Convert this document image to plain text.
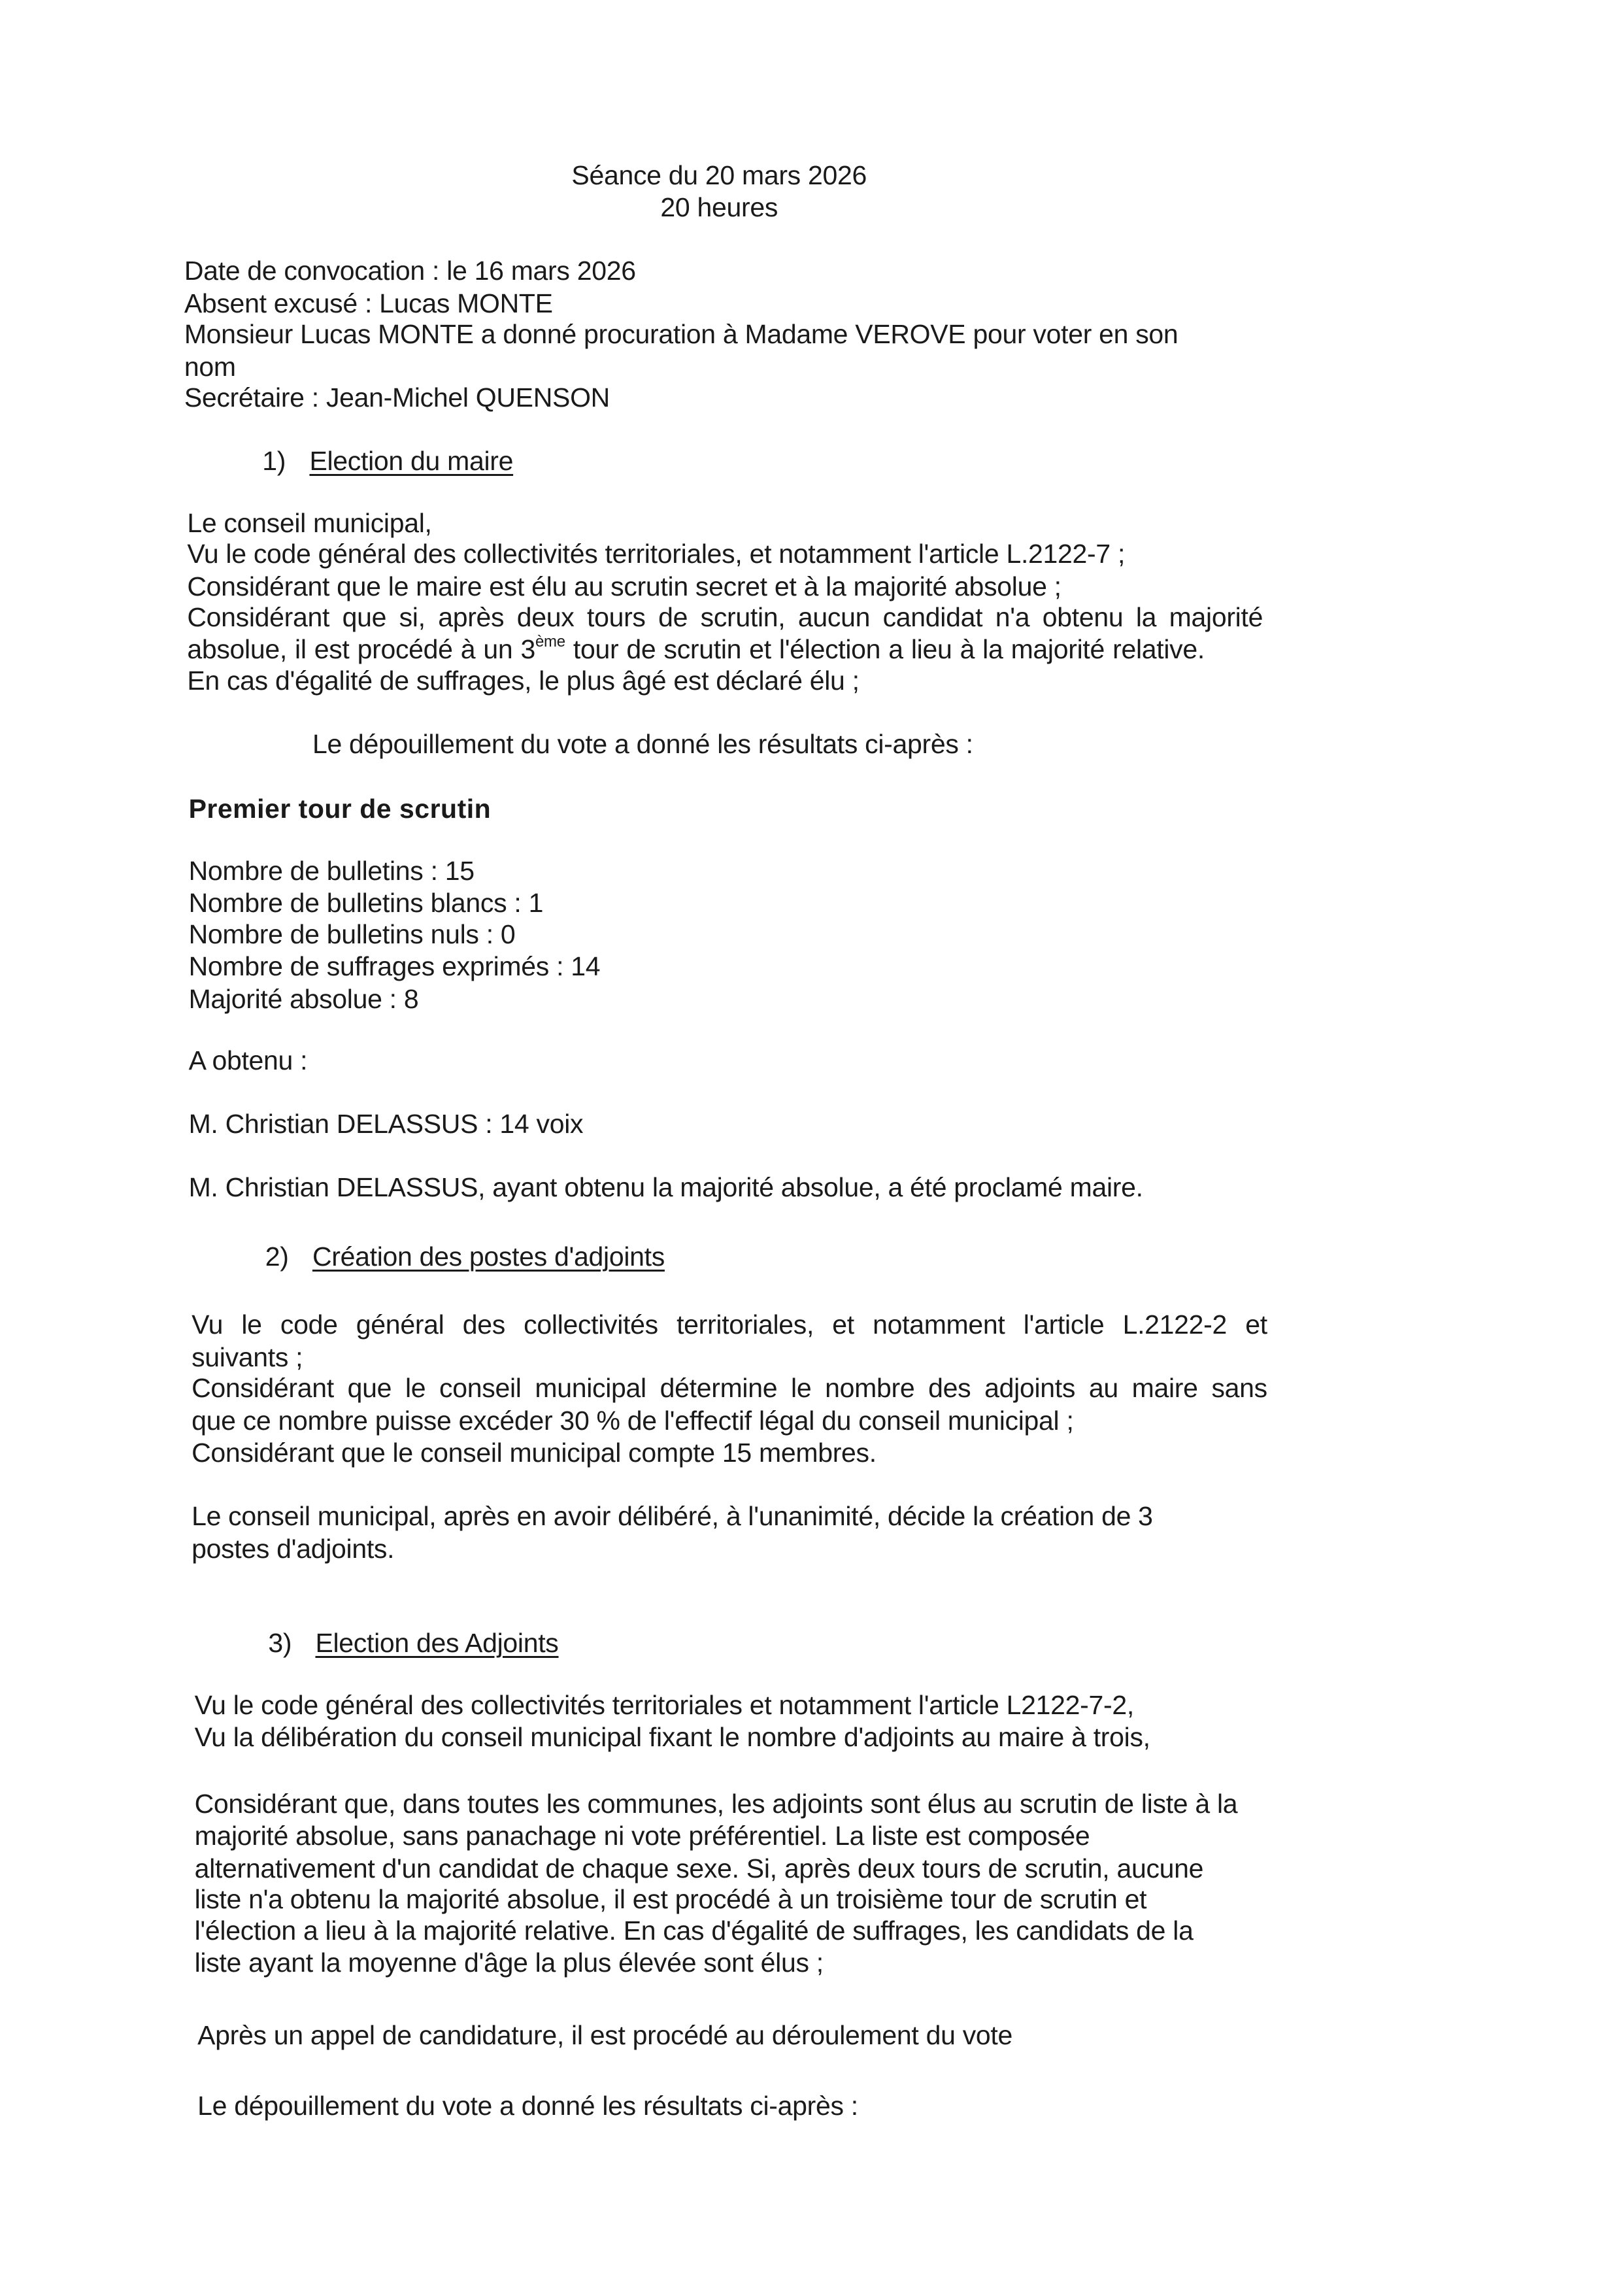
Séance du 20 mars 2026
20 heures
Date de convocation : le 16 mars 2026
Absent excusé : Lucas MONTE
Monsieur Lucas MONTE a donné procuration à Madame VEROVE pour voter en son
nom
Secrétaire : Jean-Michel QUENSON
1) Election du maire
Le conseil municipal,
Vu le code général des collectivités territoriales, et notamment l'article L.2122-7 ;
Considérant que le maire est élu au scrutin secret et à la majorité absolue ;
Considérant que si, après deux tours de scrutin, aucun candidat n'a obtenu la majorité
absolue, il est procédé à un 3ème tour de scrutin et l'élection a lieu à la majorité relative.
En cas d'égalité de suffrages, le plus âgé est déclaré élu ;
Le dépouillement du vote a donné les résultats ci-après :
Premier tour de scrutin
Nombre de bulletins : 15
Nombre de bulletins blancs : 1
Nombre de bulletins nuls : 0
Nombre de suffrages exprimés : 14
Majorité absolue : 8
A obtenu :
M. Christian DELASSUS : 14 voix
M. Christian DELASSUS, ayant obtenu la majorité absolue, a été proclamé maire.
2) Création des postes d'adjoints
Vu le code général des collectivités territoriales, et notamment l'article L.2122-2 et
suivants ;
Considérant que le conseil municipal détermine le nombre des adjoints au maire sans
que ce nombre puisse excéder 30 % de l'effectif légal du conseil municipal ;
Considérant que le conseil municipal compte 15 membres.
Le conseil municipal, après en avoir délibéré, à l'unanimité, décide la création de 3
postes d'adjoints.
3) Election des Adjoints
Vu le code général des collectivités territoriales et notamment l'article L2122-7-2,
Vu la délibération du conseil municipal fixant le nombre d'adjoints au maire à trois,
Considérant que, dans toutes les communes, les adjoints sont élus au scrutin de liste à la
majorité absolue, sans panachage ni vote préférentiel. La liste est composée
alternativement d'un candidat de chaque sexe. Si, après deux tours de scrutin, aucune
liste n'a obtenu la majorité absolue, il est procédé à un troisième tour de scrutin et
l'élection a lieu à la majorité relative. En cas d'égalité de suffrages, les candidats de la
liste ayant la moyenne d'âge la plus élevée sont élus ;
Après un appel de candidature, il est procédé au déroulement du vote
Le dépouillement du vote a donné les résultats ci-après :
